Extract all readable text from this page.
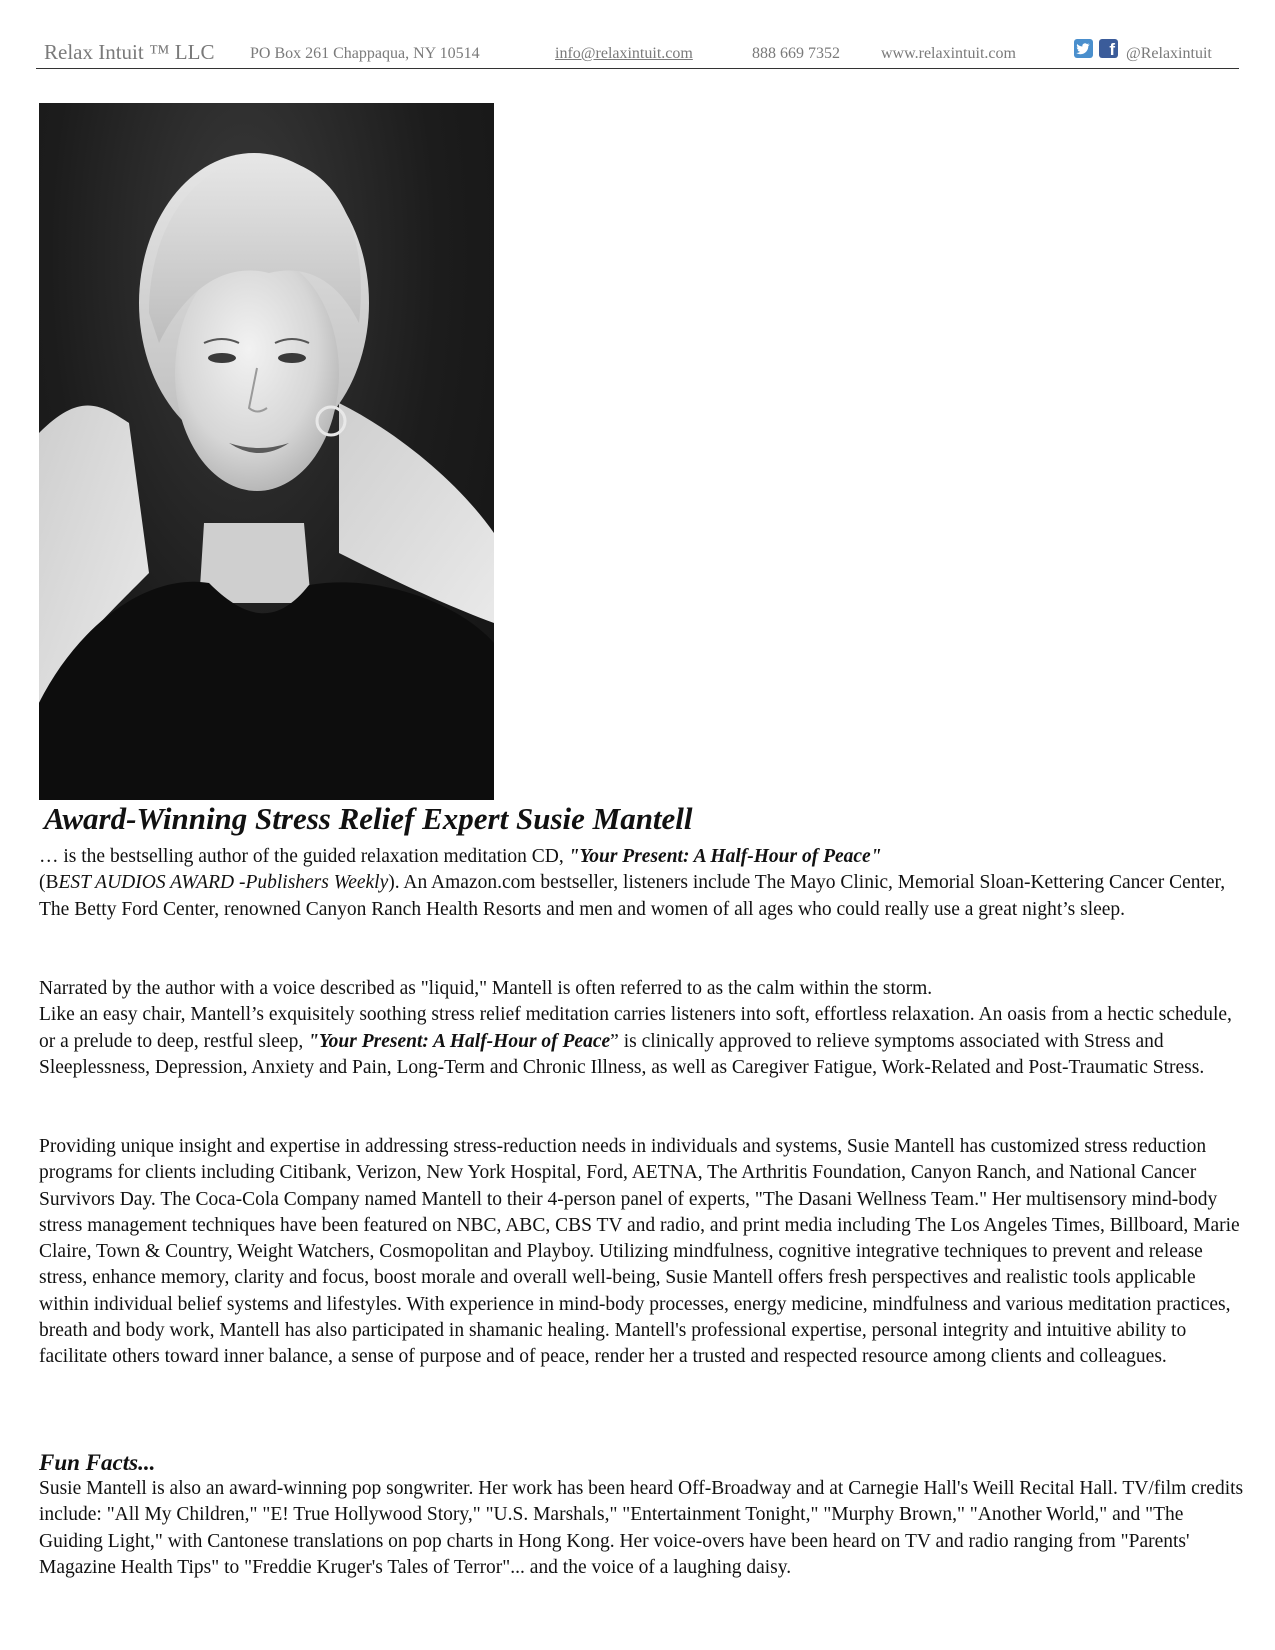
Relax Intuit ™ LLC PO Box 261 Chappaqua, NY 10514	info@relaxintuit.com	888 669 7352	www.relaxintuit.com	f @Relaxintuit
Award-Winning Stress Relief Expert Susie Mantell

… is the bestselling author of the guided relaxation meditation CD, "Your Present: A Half-Hour of Peace"
(BEST AUDIOS AWARD -Publishers Weekly). An Amazon.com bestseller, listeners include The Mayo Clinic, Memorial Sloan-Kettering Cancer Center, The Betty Ford Center, renowned Canyon Ranch Health Resorts and men and women of all ages who could really use a great night’s sleep.

Narrated by the author with a voice described as "liquid," Mantell is often referred to as the calm within the storm.
Like an easy chair, Mantell’s exquisitely soothing stress relief meditation carries listeners into soft, effortless relaxation. An oasis from a hectic schedule, or a prelude to deep, restful sleep, "Your Present: A Half-Hour of Peace” is clinically approved to relieve symptoms associated with Stress and Sleeplessness, Depression, Anxiety and Pain, Long-Term and Chronic Illness, as well as Caregiver Fatigue, Work-Related and Post-Traumatic Stress.

Providing unique insight and expertise in addressing stress-reduction needs in individuals and systems, Susie Mantell has customized stress reduction programs for clients including Citibank, Verizon, New York Hospital, Ford, AETNA, The Arthritis Foundation, Canyon Ranch, and National Cancer Survivors Day. The Coca-Cola Company named Mantell to their 4-person panel of experts, "The Dasani Wellness Team." Her multisensory mind-body stress management techniques have been featured on NBC, ABC, CBS TV and radio, and print media including The Los Angeles Times, Billboard, Marie Claire, Town & Country, Weight Watchers, Cosmopolitan and Playboy. Utilizing mindfulness, cognitive integrative techniques to prevent and release stress, enhance memory, clarity and focus, boost morale and overall well-being, Susie Mantell offers fresh perspectives and realistic tools applicable within individual belief systems and lifestyles. With experience in mind-body processes, energy medicine, mindfulness and various meditation practices, breath and body work, Mantell has also participated in shamanic healing. Mantell's professional expertise, personal integrity and intuitive ability to facilitate others toward inner balance, a sense of purpose and of peace, render her a trusted and respected resource among clients and colleagues.

Fun Facts...

Susie Mantell is also an award-winning pop songwriter. Her work has been heard Off-Broadway and at Carnegie Hall's Weill Recital Hall. TV/film credits include: "All My Children," "E! True Hollywood Story," "U.S. Marshals," "Entertainment Tonight," "Murphy Brown," "Another World," and "The Guiding Light," with Cantonese translations on pop charts in Hong Kong. Her voice-overs have been heard on TV and radio ranging from "Parents' Magazine Health Tips" to "Freddie Kruger's Tales of Terror"... and the voice of a laughing daisy.
